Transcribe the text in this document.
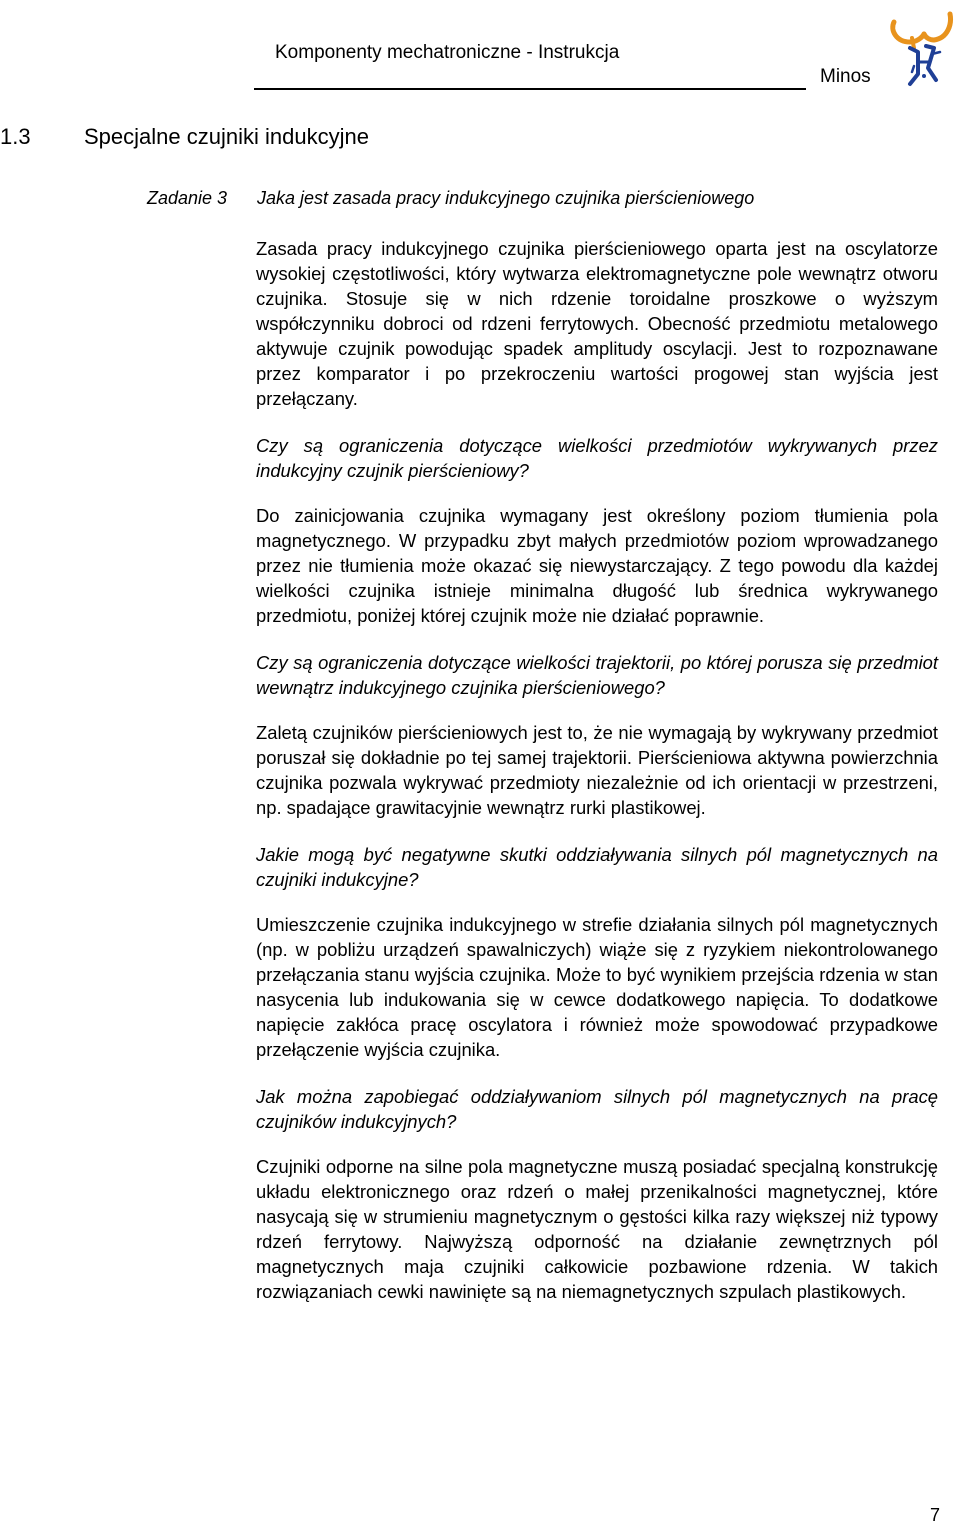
Komponenty mechatroniczne - Instrukcja
Minos
1.3 Specjalne czujniki indukcyjne
Zadanie 3 Jaka jest zasada pracy indukcyjnego czujnika pierścieniowego

Zasada pracy indukcyjnego czujnika pierścieniowego oparta jest na oscylatorze wysokiej częstotliwości, który wytwarza elektromagnetyczne pole wewnątrz otworu czujnika. Stosuje się w nich rdzenie toroidalne proszkowe o wyższym współczynniku dobroci od rdzeni ferrytowych. Obecność przedmiotu metalowego aktywuje czujnik powodując spadek amplitudy oscylacji. Jest to rozpoznawane przez komparator i po przekroczeniu wartości progowej stan wyjścia jest przełączany.

Czy są ograniczenia dotyczące wielkości przedmiotów wykrywanych przez indukcyjny czujnik pierścieniowy?

Do zainicjowania czujnika wymagany jest określony poziom tłumienia pola magnetycznego. W przypadku zbyt małych przedmiotów poziom wprowadzanego przez nie tłumienia może okazać się niewystarczający. Z tego powodu dla każdej wielkości czujnika istnieje minimalna długość lub średnica wykrywanego przedmiotu, poniżej której czujnik może nie działać poprawnie.

Czy są ograniczenia dotyczące wielkości trajektorii, po której porusza się przedmiot wewnątrz indukcyjnego czujnika pierścieniowego?

Zaletą czujników pierścieniowych jest to, że nie wymagają by wykrywany przedmiot poruszał się dokładnie po tej samej trajektorii. Pierścieniowa aktywna powierzchnia czujnika pozwala wykrywać przedmioty niezależnie od ich orientacji w przestrzeni, np. spadające grawitacyjnie wewnątrz rurki plastikowej.

Jakie mogą być negatywne skutki oddziaływania silnych pól magnetycznych na czujniki indukcyjne?

Umieszczenie czujnika indukcyjnego w strefie działania silnych pól magnetycznych (np. w pobliżu urządzeń spawalniczych) wiąże się z ryzykiem niekontrolowanego przełączania stanu wyjścia czujnika. Może to być wynikiem przejścia rdzenia w stan nasycenia lub indukowania się w cewce dodatkowego napięcia. To dodatkowe napięcie zakłóca pracę oscylatora i również może spowodować przypadkowe przełączenie wyjścia czujnika.

Jak można zapobiegać oddziaływaniom silnych pól magnetycznych na pracę czujników indukcyjnych?

Czujniki odporne na silne pola magnetyczne muszą posiadać specjalną konstrukcję układu elektronicznego oraz rdzeń o małej przenikalności magnetycznej, które nasycają się w strumieniu magnetycznym o gęstości kilka razy większej niż typowy rdzeń ferrytowy. Najwyższą odporność na działanie zewnętrznych pól magnetycznych maja czujniki całkowicie pozbawione rdzenia. W takich rozwiązaniach cewki nawinięte są na niemagnetycznych szpulach plastikowych.

7
